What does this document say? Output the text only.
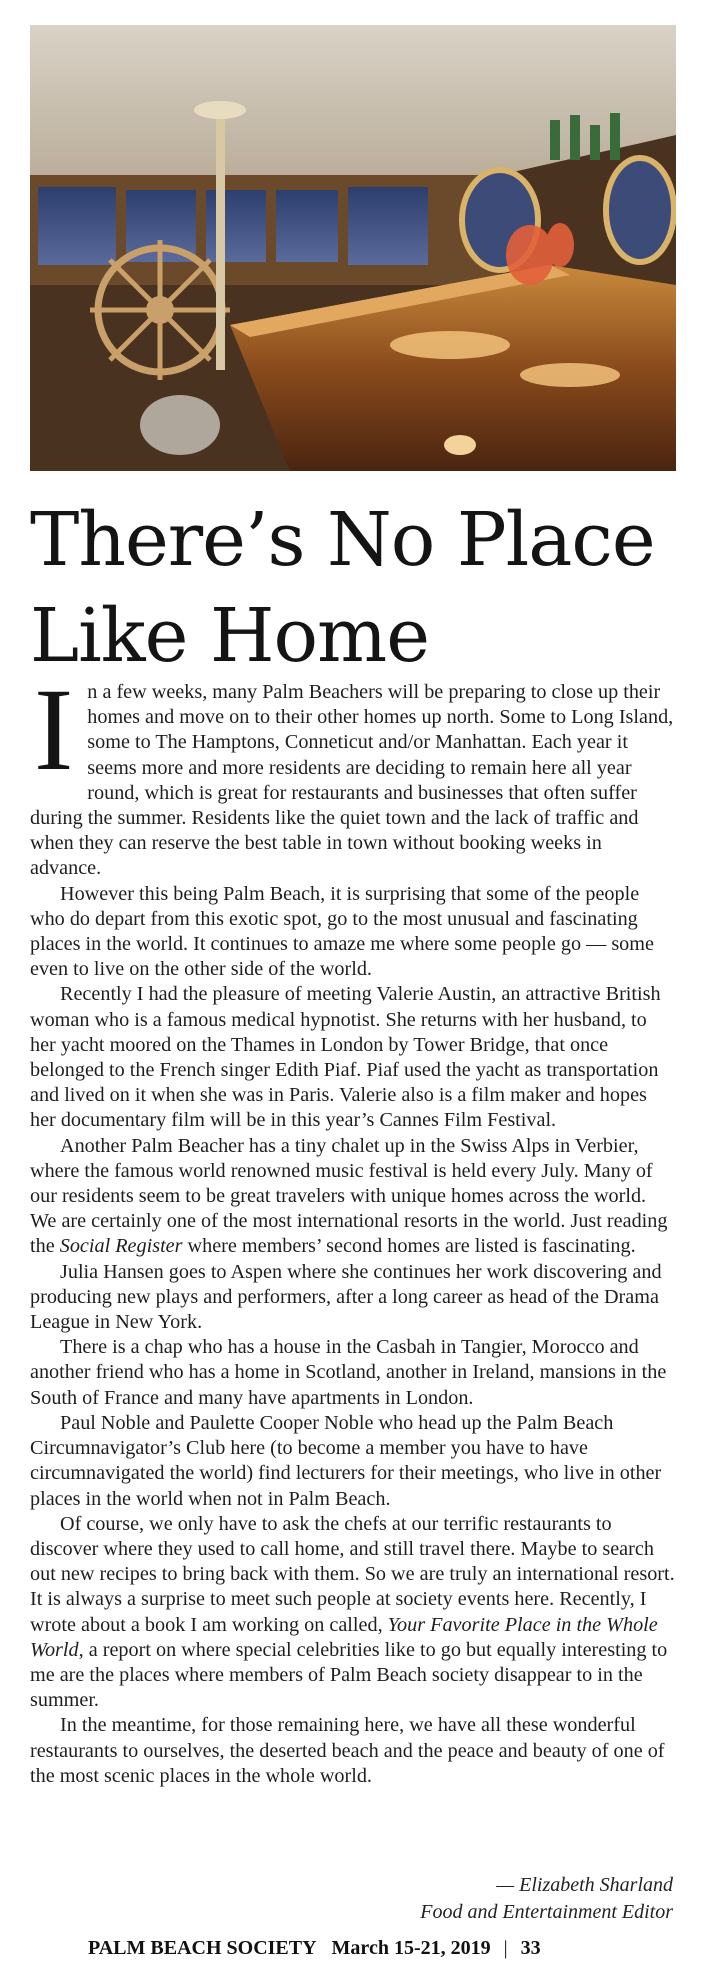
There’s No Place Like Home

In a few weeks, many Palm Beachers will be preparing to close up their homes and move on to their other homes up north. Some to Long Island, some to The Hamptons, Conneticut and/or Manhattan. Each year it seems more and more residents are deciding to remain here all year round, which is great for restaurants and businesses that often suffer during the summer. Residents like the quiet town and the lack of traffic and when they can reserve the best table in town without booking weeks in advance.

However this being Palm Beach, it is surprising that some of the people who do depart from this exotic spot, go to the most unusual and fascinating places in the world. It continues to amaze me where some people go — some even to live on the other side of the world.

Recently I had the pleasure of meeting Valerie Austin, an attractive British woman who is a famous medical hypnotist. She returns with her husband, to her yacht moored on the Thames in London by Tower Bridge, that once belonged to the French singer Edith Piaf. Piaf used the yacht as transportation and lived on it when she was in Paris. Valerie also is a film maker and hopes her documentary film will be in this year’s Cannes Film Festival.

Another Palm Beacher has a tiny chalet up in the Swiss Alps in Verbier, where the famous world renowned music festival is held every July. Many of our residents seem to be great travelers with unique homes across the world. We are certainly one of the most international resorts in the world. Just reading the Social Register where members’ second homes are listed is fascinating.

Julia Hansen goes to Aspen where she continues her work discovering and producing new plays and performers, after a long career as head of the Drama League in New York.

There is a chap who has a house in the Casbah in Tangier, Morocco and another friend who has a home in Scotland, another in Ireland, mansions in the South of France and many have apartments in London.

Paul Noble and Paulette Cooper Noble who head up the Palm Beach Circumnavigator’s Club here (to become a member you have to have circumnavigated the world) find lecturers for their meetings, who live in other places in the world when not in Palm Beach.

Of course, we only have to ask the chefs at our terrific restaurants to discover where they used to call home, and still travel there. Maybe to search out new recipes to bring back with them. So we are truly an international resort. It is always a surprise to meet such people at society events here. Recently, I wrote about a book I am working on called, Your Favorite Place in the Whole World, a report on where special celebrities like to go but equally interesting to me are the places where members of Palm Beach society disappear to in the summer.

In the meantime, for those remaining here, we have all these wonderful restaurants to ourselves, the deserted beach and the peace and beauty of one of the most scenic places in the whole world.

— Elizabeth Sharland
Food and Entertainment Editor
PALM BEACH SOCIETY March 15-21, 2019 | 33
